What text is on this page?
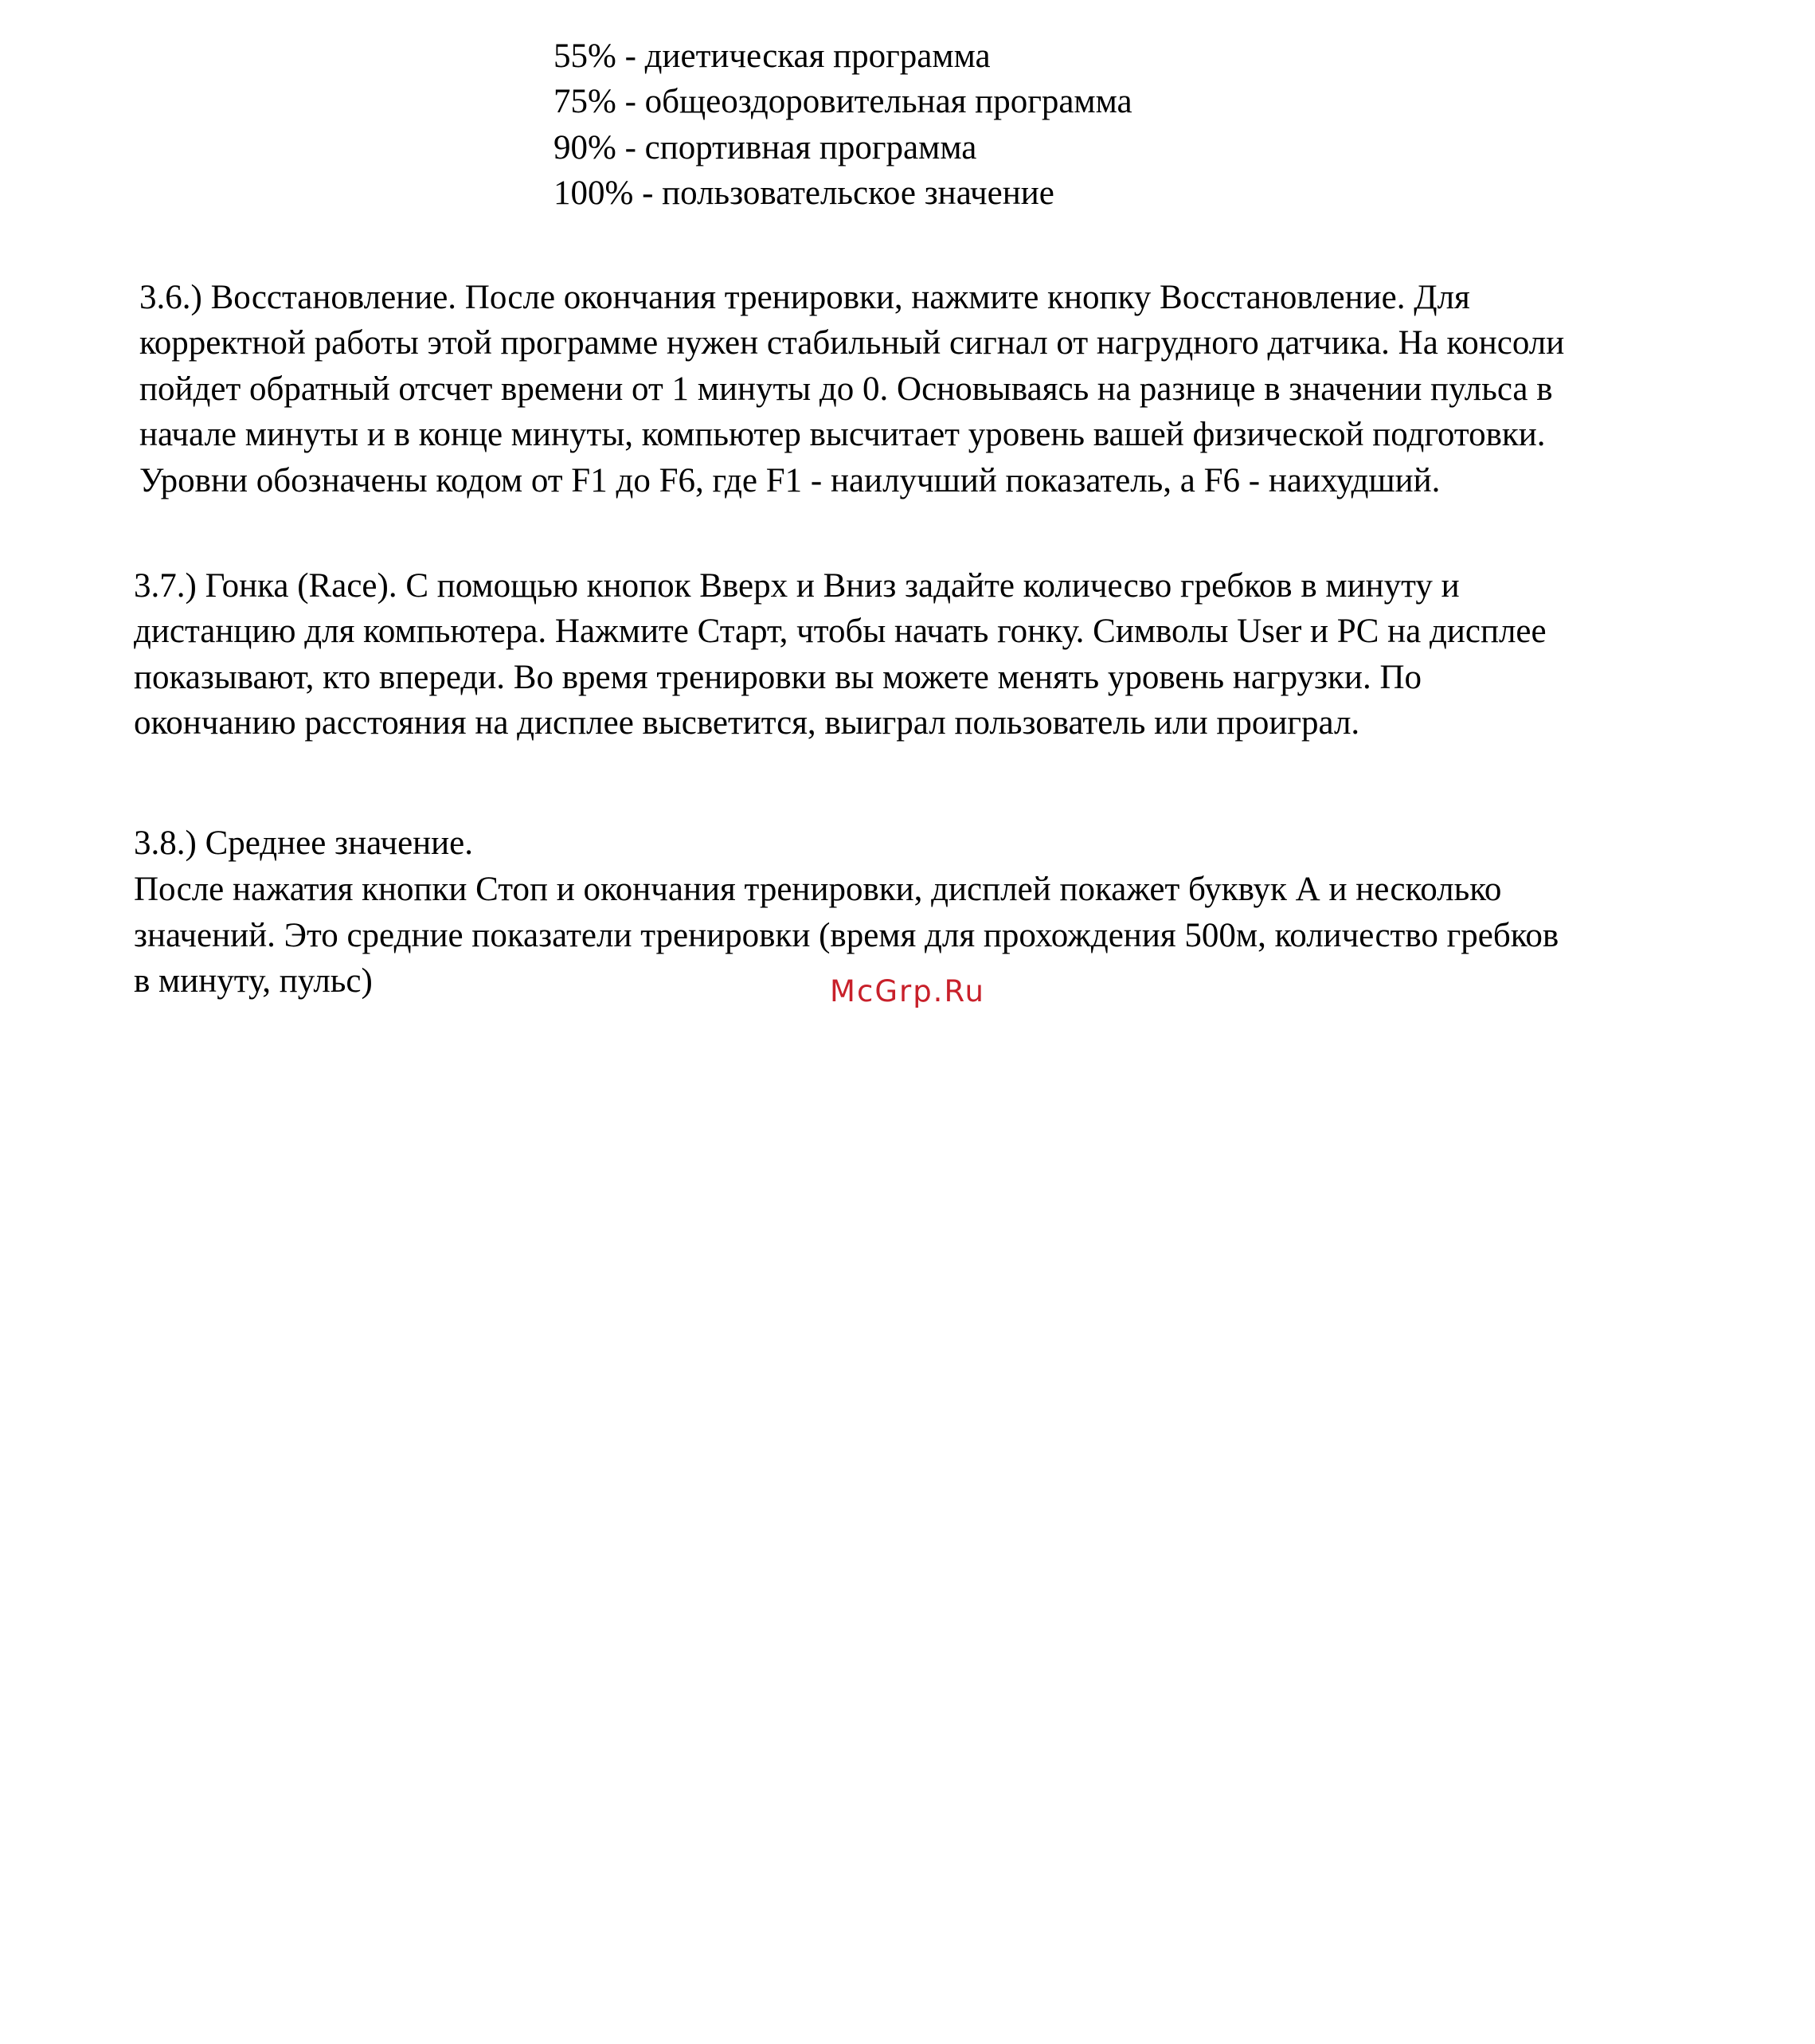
55% - диетическая программа
75% - общеоздоровительная программа
90% - спортивная программа
100% - пользовательское значение
3.6.) Восстановление. После окончания тренировки, нажмите кнопку Восстановление. Для
корректной работы этой программе нужен стабильный сигнал от нагрудного датчика. На консоли
пойдет обратный отсчет времени от 1 минуты до 0. Основываясь на разнице в значении пульса в
начале минуты и в конце минуты, компьютер высчитает уровень вашей физической подготовки.
Уровни обозначены кодом от F1 до F6, где F1 - наилучший показатель, а F6 - наихудший.
3.7.) Гонка (Race). С помощью кнопок Вверх и Вниз задайте количесво гребков в минуту и
дистанцию для компьютера. Нажмите Старт, чтобы начать гонку. Символы User и PC на дисплее
показывают, кто впереди. Во время тренировки вы можете менять уровень нагрузки. По
окончанию расстояния на дисплее высветится, выиграл пользователь или проиграл.
3.8.) Среднее значение.
После нажатия кнопки Стоп и окончания тренировки, дисплей покажет буквук А и несколько
значений. Это средние показатели тренировки (время для прохождения 500м, количество гребков
в минуту, пульс)	McGrp.Ru
